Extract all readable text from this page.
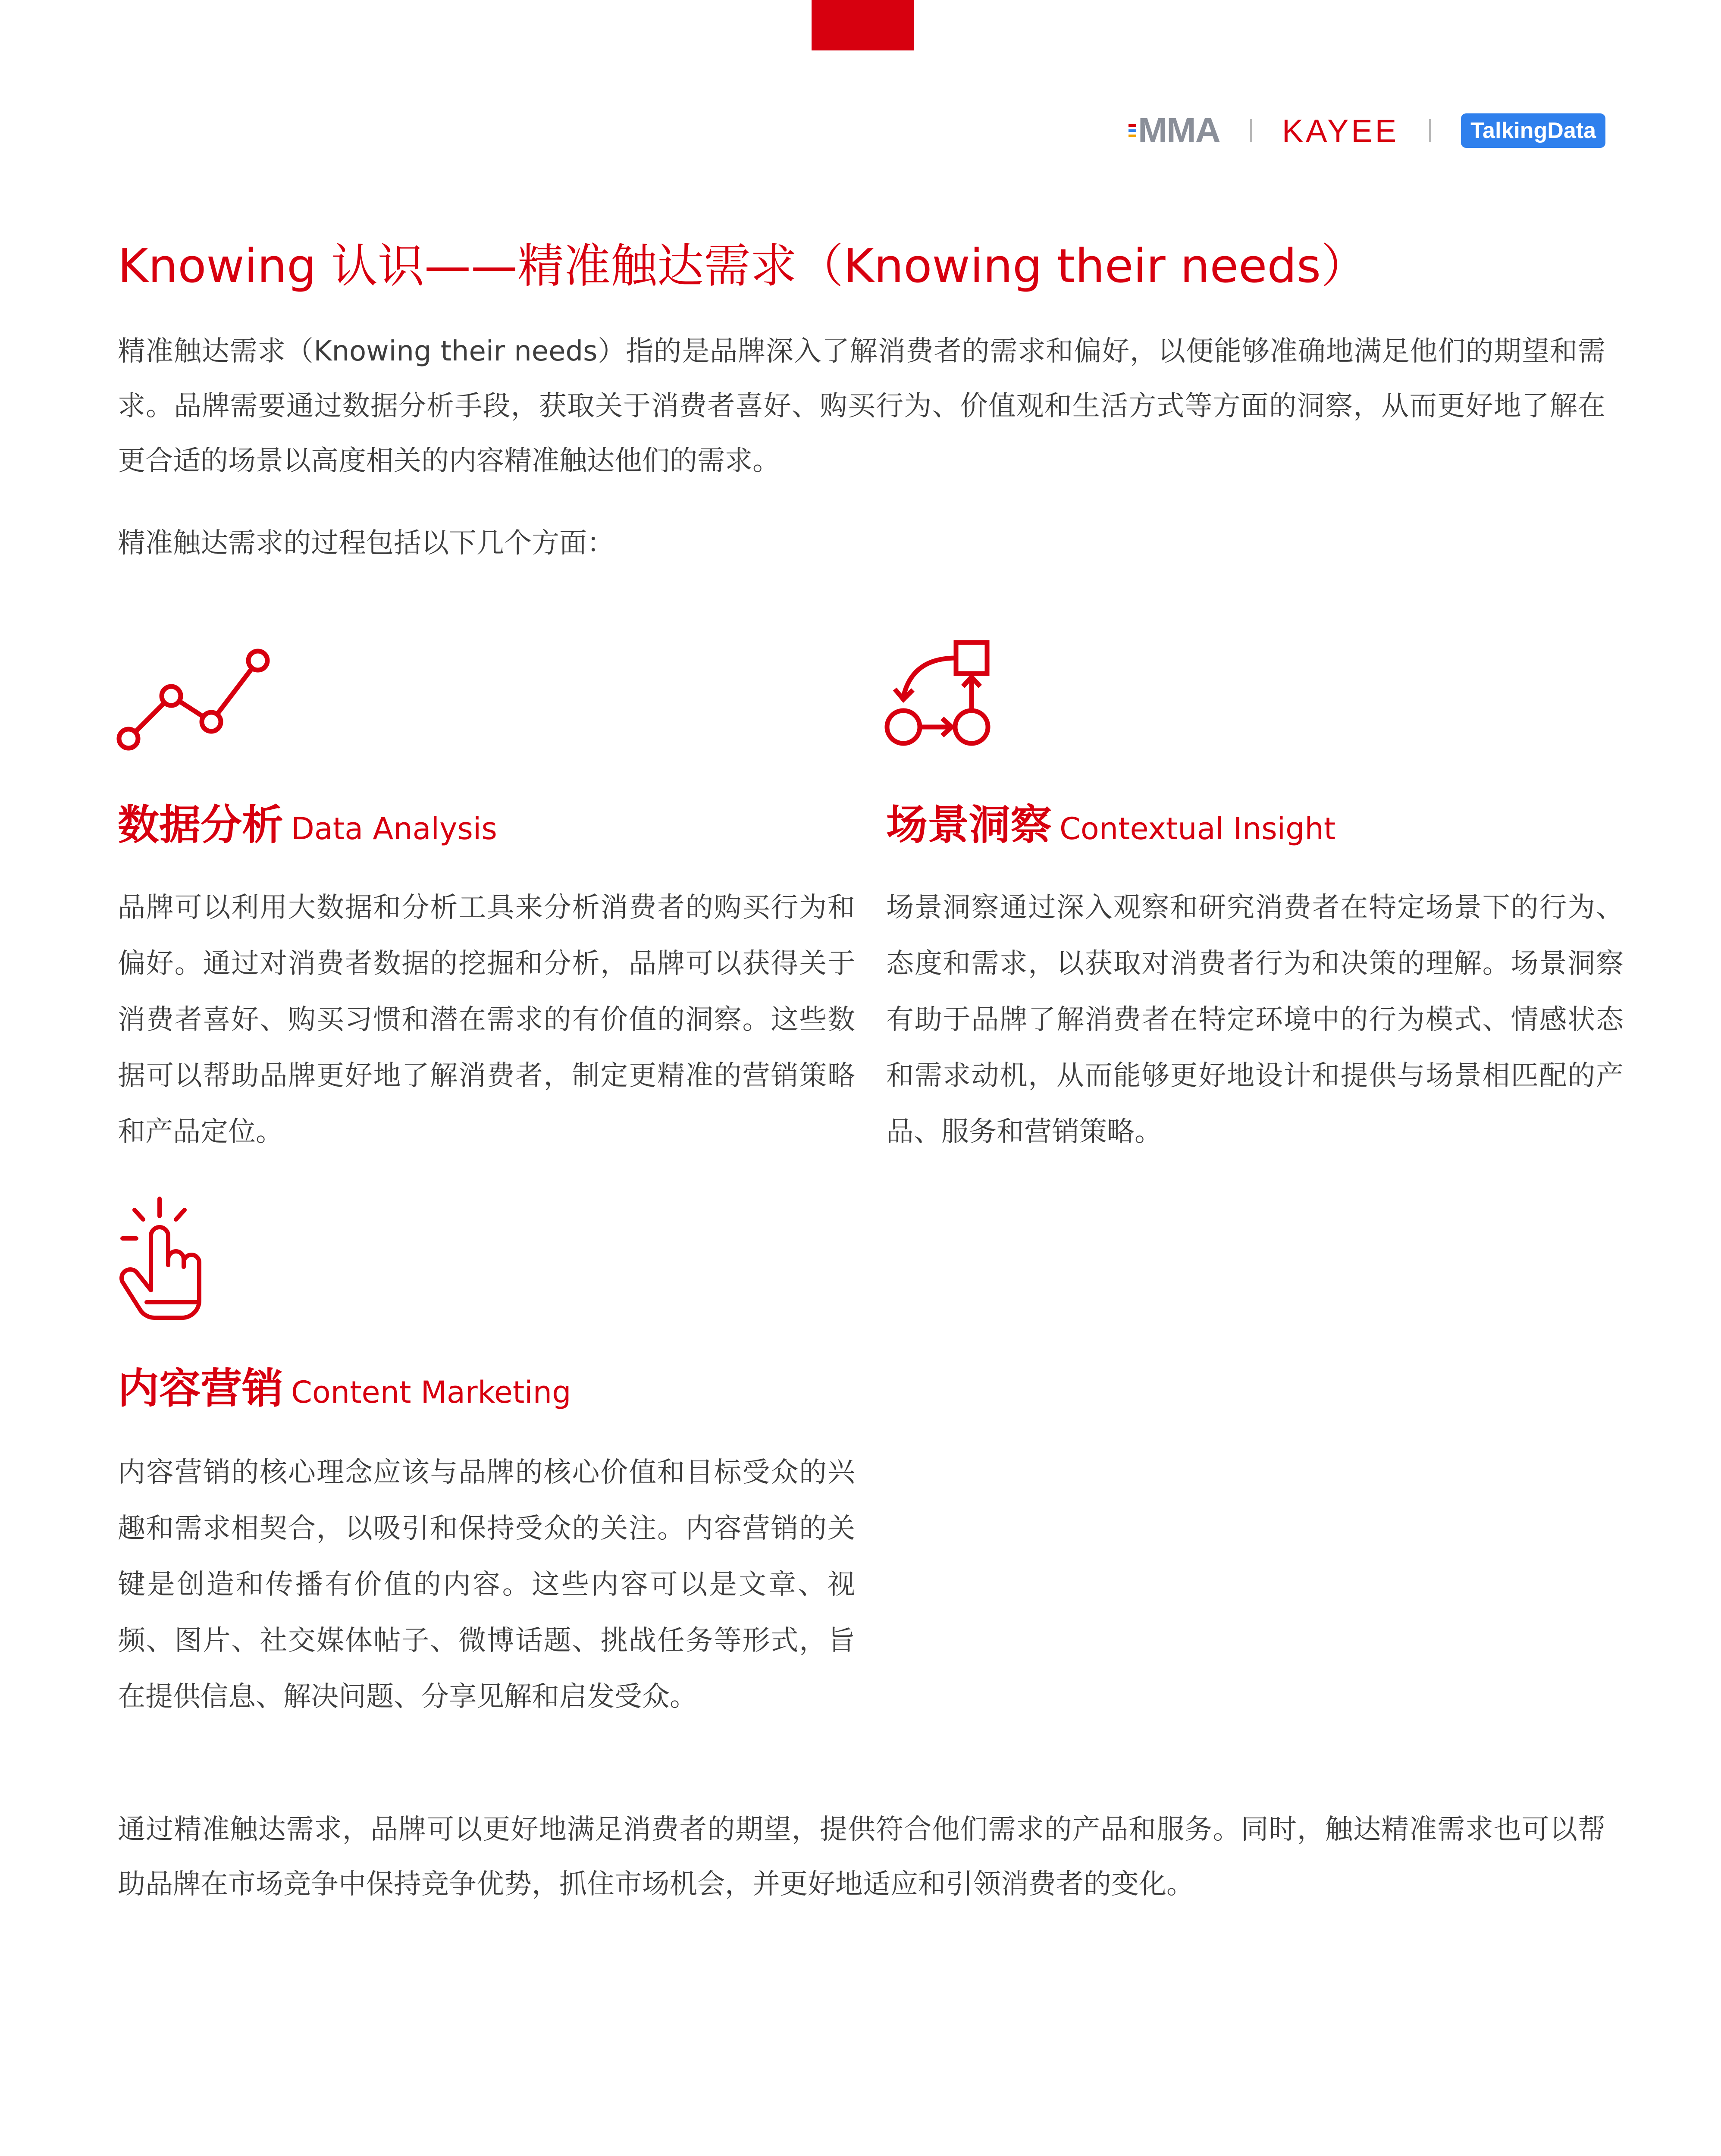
MMA KAYEE	TalkingData
Knowing 认识——精准触达需求（Knowing their needs）

精准触达需求（Knowing their needs）指的是品牌深入了解消费者的需求和偏好，以便能够准确地满足他们的期望和需求。品牌需要通过数据分析手段，获取关于消费者喜好、购买行为、价值观和生活方式等方面的洞察，从而更好地了解在更合适的场景以高度相关的内容精准触达他们的需求。

精准触达需求的过程包括以下几个方面：

数据分析 Data Analysis

品牌可以利用大数据和分析工具来分析消费者的购买行为和偏好。通过对消费者数据的挖掘和分析，品牌可以获得关于消费者喜好、购买习惯和潜在需求的有价值的洞察。这些数据可以帮助品牌更好地了解消费者，制定更精准的营销策略和产品定位。

场景洞察 Contextual Insight

场景洞察通过深入观察和研究消费者在特定场景下的行为、态度和需求，以获取对消费者行为和决策的理解。场景洞察有助于品牌了解消费者在特定环境中的行为模式、情感状态和需求动机，从而能够更好地设计和提供与场景相匹配的产品、服务和营销策略。

内容营销 Content Marketing

内容营销的核心理念应该与品牌的核心价值和目标受众的兴趣和需求相契合，以吸引和保持受众的关注。内容营销的关键是创造和传播有价值的内容。这些内容可以是文章、视频、图片、社交媒体帖子、微博话题、挑战任务等形式，旨在提供信息、解决问题、分享见解和启发受众。

通过精准触达需求，品牌可以更好地满足消费者的期望，提供符合他们需求的产品和服务。同时，触达精准需求也可以帮助品牌在市场竞争中保持竞争优势，抓住市场机会，并更好地适应和引领消费者的变化。
